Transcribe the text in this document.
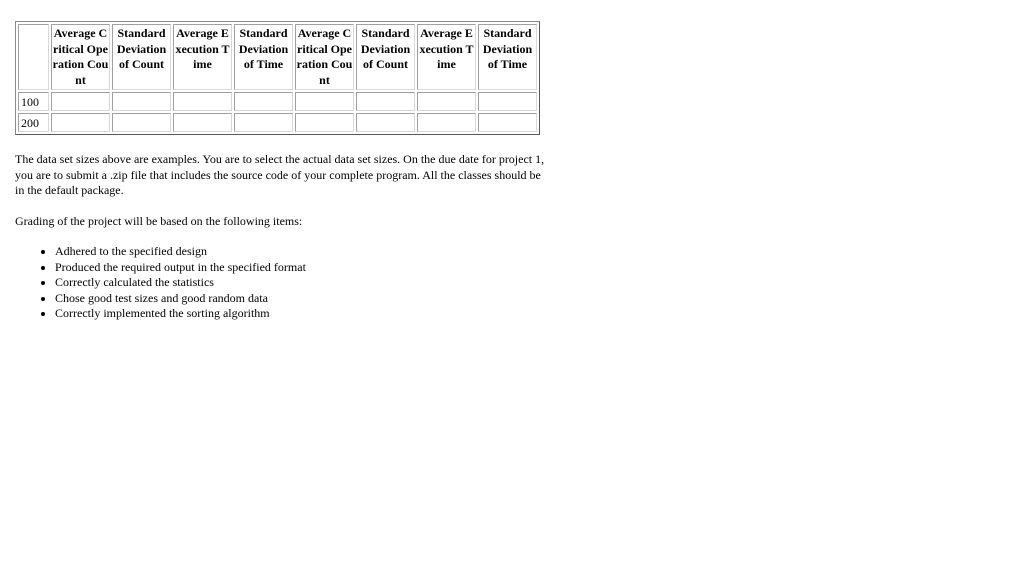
	Average Critical Operation Count	Standard Deviation of Count	Average Execution Time	Standard Deviation of Time	Average Critical Operation Count	Standard Deviation of Count	Average Execution Time	Standard Deviation of Time
100								
200								

The data set sizes above are examples. You are to select the actual data set sizes. On the due date for project 1, you are to submit a .zip file that includes the source code of your complete program. All the classes should be in the default package.

Grading of the project will be based on the following items:

• Adhered to the specified design
• Produced the required output in the specified format
• Correctly calculated the statistics
• Chose good test sizes and good random data
• Correctly implemented the sorting algorithm
